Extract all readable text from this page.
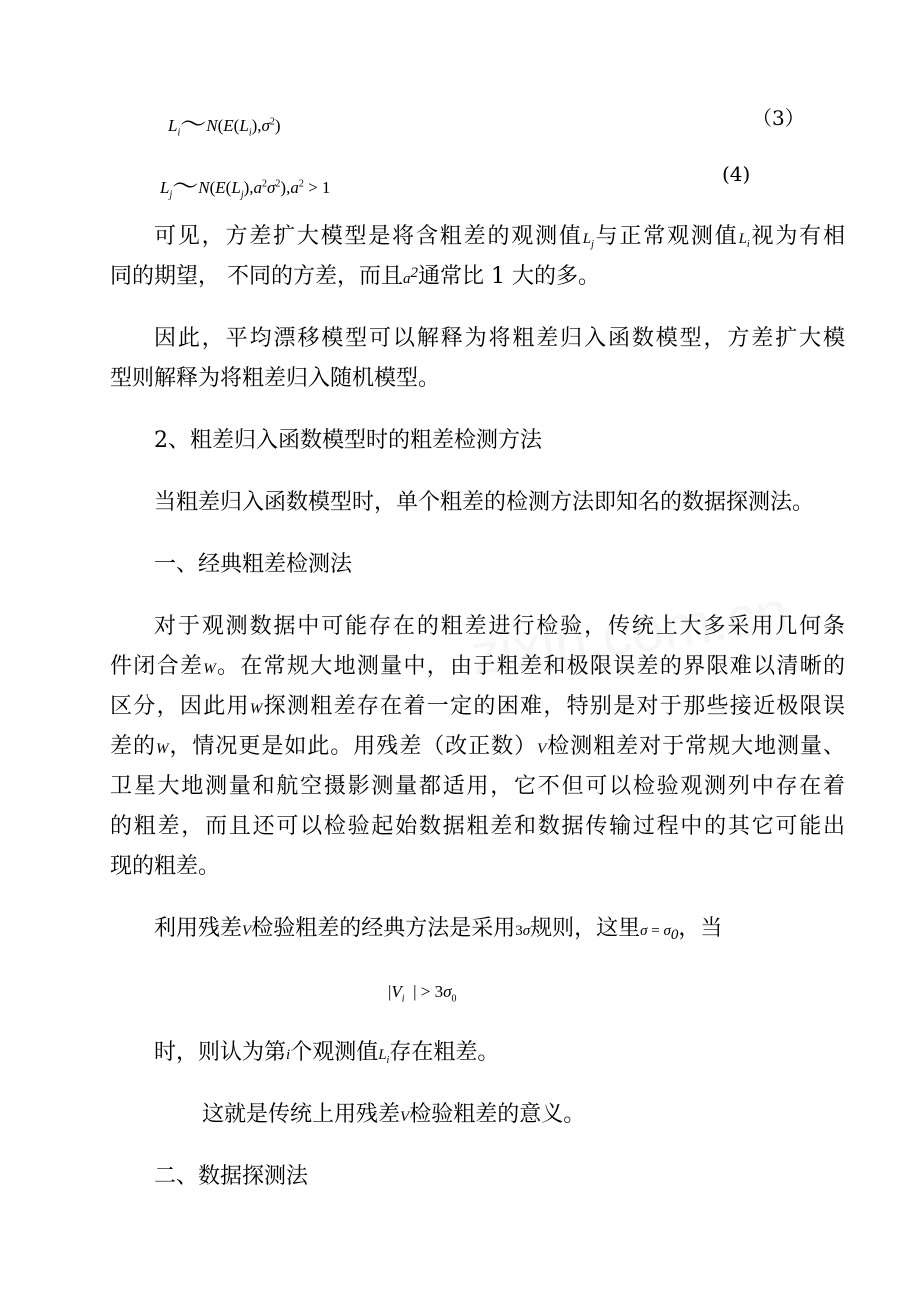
$L_i\sim N(E(L_i),\sigma^2)$	（3）
$L_j\sim N(E(L_j),a^2\sigma^2),a^2 > 1$
(4)
可见，方差扩大模型是将含粗差的观测值$L_j$与正常观测值$L_i$视为有相
同的期望， 不同的方差，而且$a^2$通常比 1 大的多。
因此，平均漂移模型可以解释为将粗差归入函数模型，方差扩大模
型则解释为将粗差归入随机模型。
2、粗差归入函数模型时的粗差检测方法
当粗差归入函数模型时，单个粗差的检测方法即知名的数据探测法。
一、经典粗差检测法
对于观测数据中可能存在的粗差进行检验，传统上大多采用几何条
件闭合差W。在常规大地测量中，由于粗差和极限误差的界限难以清晰的
区分，因此用W探测粗差存在着一定的困难，特别是对于那些接近极限误
差的W，情况更是如此。用残差（改正数）V检测粗差对于常规大地测量、
卫星大地测量和航空摄影测量都适用，它不但可以检验观测列中存在着
的粗差，而且还可以检验起始数据粗差和数据传输过程中的其它可能出
现的粗差。
利用残差V检验粗差的经典方法是采用3σ规则，这里$\sigma = \sigma_0$，当
$|V_i$  | > $3\sigma_0$
时，则认为第i个观测值$L_i$存在粗差。
这就是传统上用残差V检验粗差的意义。
二、数据探测法
